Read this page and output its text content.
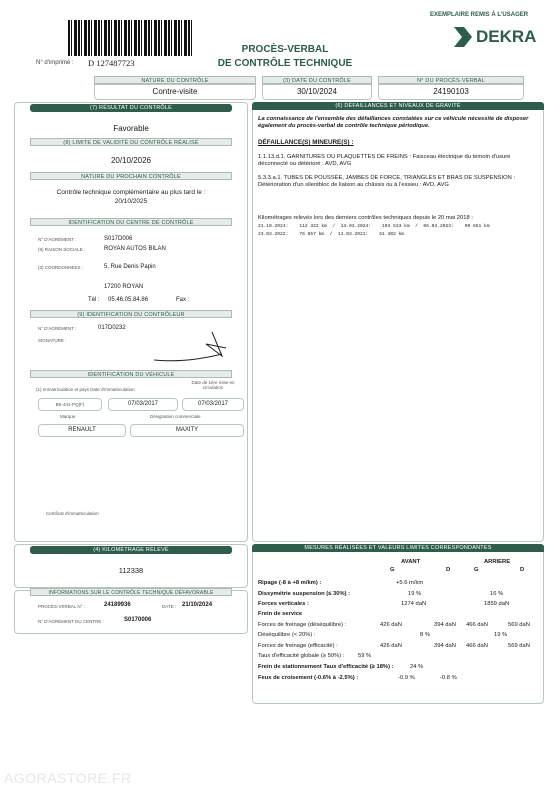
N° d'imprimé : D 127487723
PROCÈS-VERBAL
DE CONTRÔLE TECHNIQUE
EXEMPLAIRE REMIS À L'USAGER
DEKRA
NATURE DU CONTRÔLE
Contre-visite
(3) DATE DU CONTRÔLE
30/10/2024
N° DU PROCÈS-VERBAL
24190103
(7) RÉSULTAT DU CONTRÔLE
Favorable
(8) LIMITE DE VALIDITÉ DU CONTRÔLE RÉALISÉ
20/10/2026
NATURE DU PROCHAIN CONTRÔLE
Contrôle technique complémentaire au plus tard le : 20/10/2025
IDENTIFICATION DU CENTRE DE CONTRÔLE
N° D'AGRÉMENT :	S017D006
(9) RAISON SOCIALE :	ROYAN AUTOS BILAN
(3) COORDONNÉES :	5, Rue Denis Papin
17200 ROYAN
Tél : 05.46.05.84.86	Fax :
(9) IDENTIFICATION DU CONTRÔLEUR
N° D'AGRÉMENT :	017D0232
SIGNATURE :
IDENTIFICATION DU VÉHICULE
(1) Immatriculation et pays Date d'immatriculation
Date de 1ère mise en circulation
BK-441-PQ(F)	07/03/2017	07/03/2017
Marque	Désignation commerciale
RENAULT	MAXITY
Certificat d'immatriculation
(4) KILOMÉTRAGE RELEVÉ
112338
INFORMATIONS SUR LE CONTRÔLE TECHNIQUE DÉFAVORABLE
PROCÈS-VERBAL N° :	24189936	DATE : 21/10/2024
N° D'AGRÉMENT DU CENTRE :	S0170006
(6) DÉFAILLANCES ET NIVEAUX DE GRAVITÉ
La connaissance de l'ensemble des défaillances constatées sur ce véhicule nécessite de disposer également du procès-verbal de contrôle technique périodique.
DÉFAILLANCE(S) MINEURE(S) :
1.1.13.d.1. GARNITURES OU PLAQUETTES DE FREINS : Faisceau électrique du témoin d'usure déconnecté ou détérioré : AVD, AVG
5.3.3.a.1. TUBES DE POUSSÉE, JAMBES DE FORCE, TRIANGLES ET BRAS DE SUSPENSION : Détérioration d'un silentbloc de liaison au châssis ou à l'essieu : AVD, AVG
Kilométrages relevés lors des derniers contrôles techniques depuis le 20 mai 2018 :
21.10.2024:    112 322 km  /  13.03.2024:    103 533 km  /  06.03.2023:    90 651 km
23.03.2022:    76 857 km  /  11.03.2021:    61 302 km
MESURES RÉALISÉES ET VALEURS LIMITES CORRESPONDANTES
AVANT	ARRIERE
G	D	G	D
Ripage (-8 à +8 m/km) :	+5.6 m/km
Dissymétrie suspension (≤ 30%) :	19 %	16 %
Forces verticales :	1274 daN	1859 daN
Frein de service
Forces de freinage (déséquilibre) :	426 daN	394 daN 466 daN	569 daN
Déséquilibre (< 20%) :	8 %	19 %
Forces de freinage (efficacité) :	426 daN	394 daN 466 daN	569 daN
Taux d'efficacité globale (≥ 50%) : 59 %
Frein de stationnement Taux d'efficacité (≥ 18%) :	24 %
Feux de croisement (-0.6% à -2.5%) :	-0.9 %	-0.8 %
AGORASTORE.FR
